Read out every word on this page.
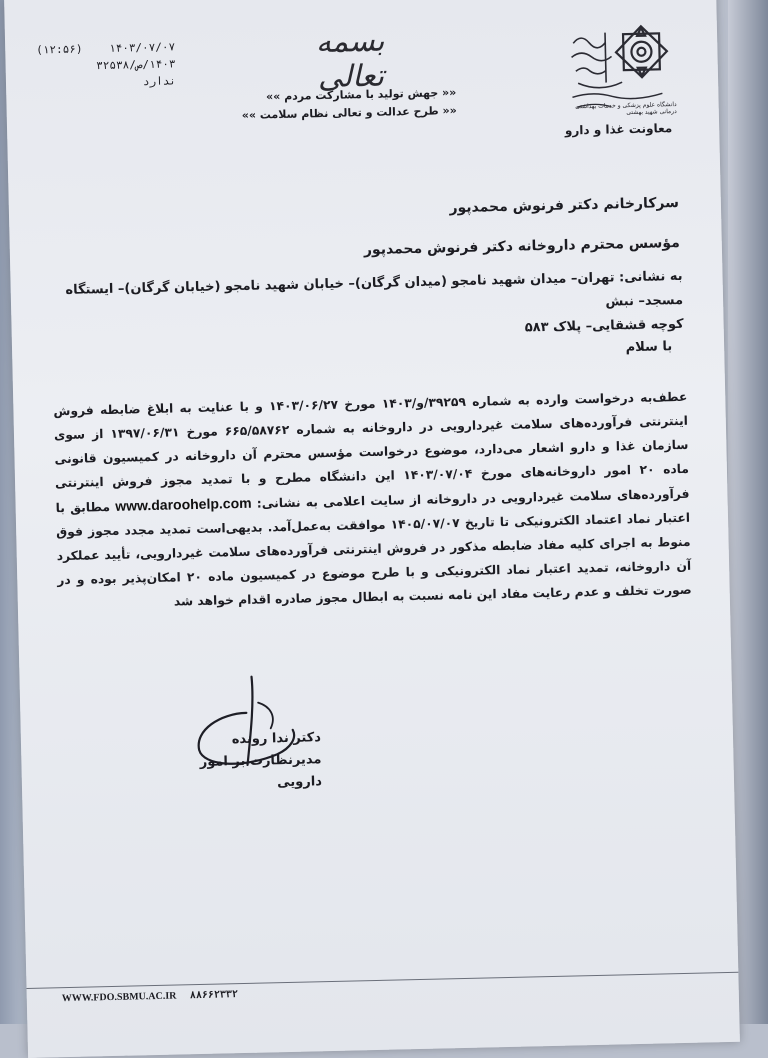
بسمه تعالی
«« جهش تولید با مشارکت مردم »»
«« طرح عدالت و تعالی نظام سلامت »»
۱۴۰۳/۰۷/۰۷    (۱۲:۵۶)
۱۴۰۳/ص/۳۲۵۳۸
ندارد
دانشگاه علوم پزشکی و خدمات بهداشتی درمانی شهید بهشتی
معاونت غذا و دارو
سرکارخانم دکتر فرنوش محمدپور
مؤسس محترم داروخانه دکتر فرنوش محمدپور
به نشانی: تهران– میدان شهید نامجو (میدان گرگان)– خیابان شهید نامجو (خیابان گرگان)– ایستگاه مسجد– نبش
کوچه قشقایی– پلاک ۵۸۳
با سلام
عطف‌به درخواست وارده به شماره ۳۹۲۵۹/و/۱۴۰۳ مورخ ۱۴۰۳/۰۶/۲۷ و با عنایت به ابلاغ ضابطه فروش اینترنتی فرآورده‌های سلامت غیردارویی در داروخانه به شماره ۶۶۵/۵۸۷۶۲ مورخ ۱۳۹۷/۰۶/۳۱ از سوی سازمان غذا و دارو اشعار می‌دارد، موضوع درخواست مؤسس محترم آن داروخانه در کمیسیون قانونی ماده ۲۰ امور داروخانه‌های مورخ ۱۴۰۳/۰۷/۰۴ این دانشگاه مطرح و با تمدید مجوز فروش اینترنتی فرآورده‌های سلامت غیردارویی در داروخانه از سایت اعلامی به نشانی: www.daroohelp.com مطابق با اعتبار نماد اعتماد الکترونیکی تا تاریخ ۱۴۰۵/۰۷/۰۷ موافقت به‌عمل‌آمد. بدیهی‌است تمدید مجدد مجوز فوق منوط به اجرای کلیه مفاد ضابطه مذکور در فروش اینترنتی فرآورده‌های سلامت غیردارویی، تأیید عملکرد آن داروخانه، تمدید اعتبار نماد الکترونیکی و با طرح موضوع در کمیسیون ماده ۲۰ امکان‌پذیر بوده و در صورت تخلف و عدم رعایت مفاد این نامه نسبت به ابطال مجوز صادره اقدام خواهد شد
دکتر ندا رونده
مدیرنظارت بر امور دارویی
WWW.FDO.SBMU.AC.IR ۸۸۶۶۲۳۳۲
